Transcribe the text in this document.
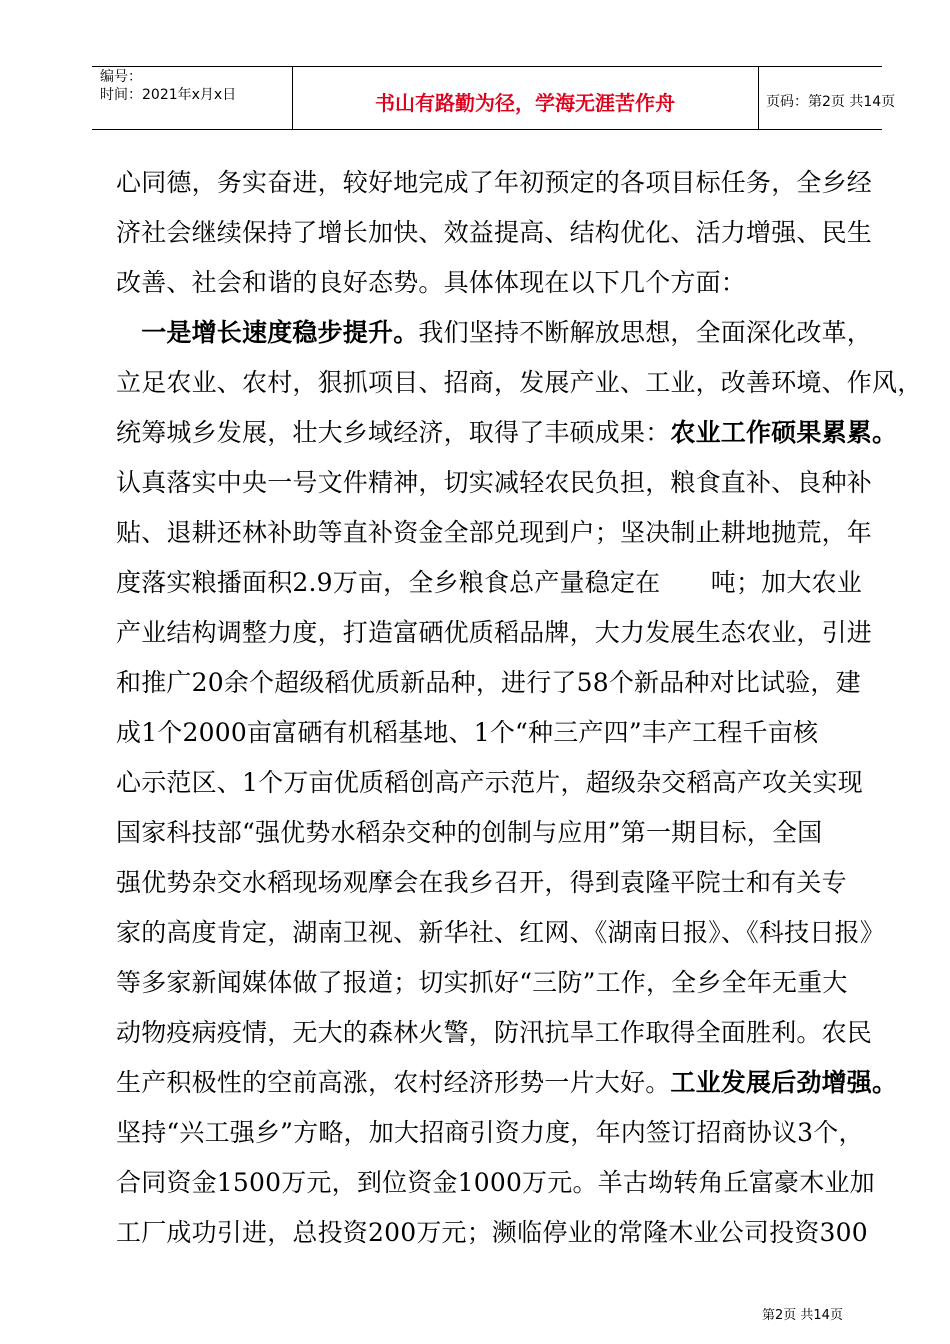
编号：
时间：2021年x月x日	书山有路勤为径，学海无涯苦作舟	页码：第2页 共14页
心同德，务实奋进，较好地完成了年初预定的各项目标任务，全乡经
济社会继续保持了增长加快、效益提高、结构优化、活力增强、民生
改善、社会和谐的良好态势。具体体现在以下几个方面：
　一是增长速度稳步提升。我们坚持不断解放思想，全面深化改革，
立足农业、农村，狠抓项目、招商，发展产业、工业，改善环境、作风，
统筹城乡发展，壮大乡域经济，取得了丰硕成果：农业工作硕果累累。
认真落实中央一号文件精神，切实减轻农民负担，粮食直补、良种补
贴、退耕还林补助等直补资金全部兑现到户；坚决制止耕地抛荒，年
度落实粮播面积2.9万亩，全乡粮食总产量稳定在　　吨；加大农业
产业结构调整力度，打造富硒优质稻品牌，大力发展生态农业，引进
和推广20余个超级稻优质新品种，进行了58个新品种对比试验，建
成1个2000亩富硒有机稻基地、1个“种三产四”丰产工程千亩核
心示范区、1个万亩优质稻创高产示范片，超级杂交稻高产攻关实现
国家科技部“强优势水稻杂交种的创制与应用”第一期目标，全国
强优势杂交水稻现场观摩会在我乡召开，得到袁隆平院士和有关专
家的高度肯定，湖南卫视、新华社、红网、《湖南日报》、《科技日报》
等多家新闻媒体做了报道；切实抓好“三防”工作，全乡全年无重大
动物疫病疫情，无大的森林火警，防汛抗旱工作取得全面胜利。农民
生产积极性的空前高涨，农村经济形势一片大好。工业发展后劲增强。
坚持“兴工强乡”方略，加大招商引资力度，年内签订招商协议3个，
合同资金1500万元，到位资金1000万元。羊古坳转角丘富豪木业加
工厂成功引进，总投资200万元；濒临停业的常隆木业公司投资300
第2页 共14页
